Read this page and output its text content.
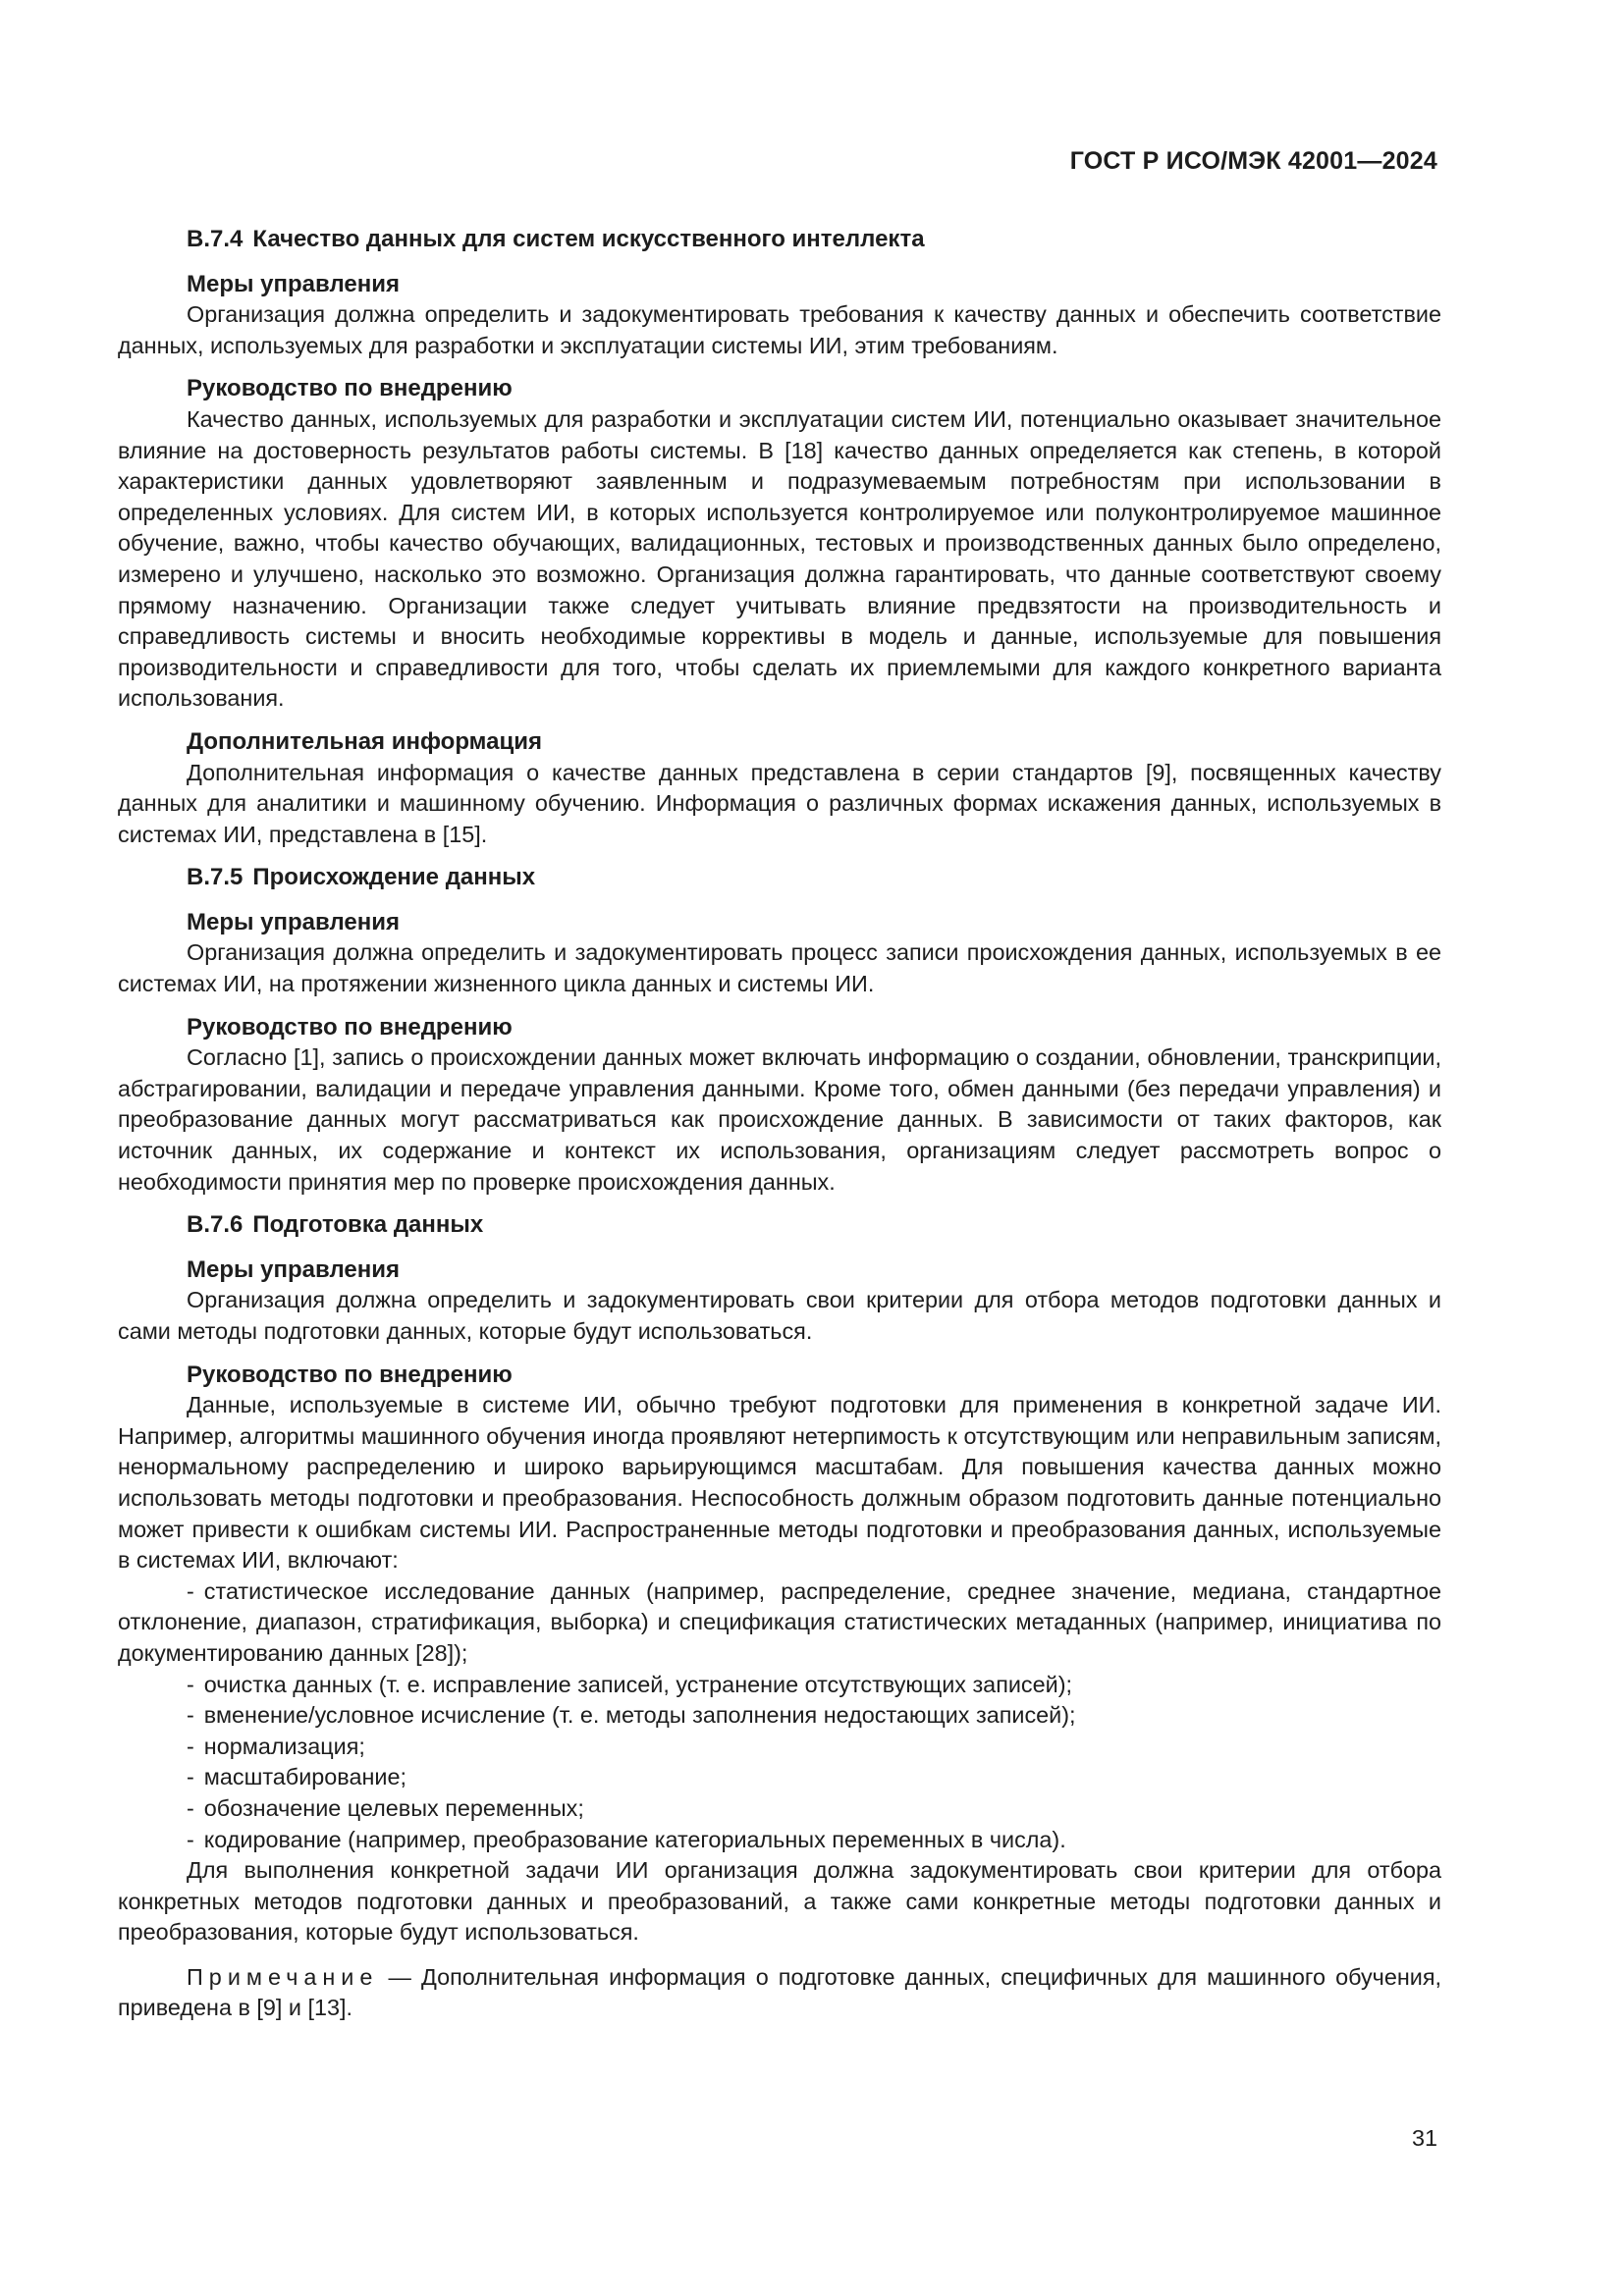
ГОСТ Р ИСО/МЭК 42001—2024
B.7.4 Качество данных для систем искусственного интеллекта
Меры управления

Организация должна определить и задокументировать требования к качеству данных и обеспечить соответствие данных, используемых для разработки и эксплуатации системы ИИ, этим требованиям.

Руководство по внедрению

Качество данных, используемых для разработки и эксплуатации систем ИИ, потенциально оказывает значительное влияние на достоверность результатов работы системы. В [18] качество данных определяется как степень, в которой характеристики данных удовлетворяют заявленным и подразумеваемым потребностям при использовании в определенных условиях. Для систем ИИ, в которых используется контролируемое или полуконтролируемое машинное обучение, важно, чтобы качество обучающих, валидационных, тестовых и производственных данных было определено, измерено и улучшено, насколько это возможно. Организация должна гарантировать, что данные соответствуют своему прямому назначению. Организации также следует учитывать влияние предвзятости на производительность и справедливость системы и вносить необходимые коррективы в модель и данные, используемые для повышения производительности и справедливости для того, чтобы сделать их приемлемыми для каждого конкретного варианта использования.

Дополнительная информация

Дополнительная информация о качестве данных представлена в серии стандартов [9], посвященных качеству данных для аналитики и машинному обучению. Информация о различных формах искажения данных, используемых в системах ИИ, представлена в [15].

B.7.5 Происхождение данных
Меры управления

Организация должна определить и задокументировать процесс записи происхождения данных, используемых в ее системах ИИ, на протяжении жизненного цикла данных и системы ИИ.

Руководство по внедрению

Согласно [1], запись о происхождении данных может включать информацию о создании, обновлении, транскрипции, абстрагировании, валидации и передаче управления данными. Кроме того, обмен данными (без передачи управления) и преобразование данных могут рассматриваться как происхождение данных. В зависимости от таких факторов, как источник данных, их содержание и контекст их использования, организациям следует рассмотреть вопрос о необходимости принятия мер по проверке происхождения данных.

B.7.6 Подготовка данных
Меры управления

Организация должна определить и задокументировать свои критерии для отбора методов подготовки данных и сами методы подготовки данных, которые будут использоваться.

Руководство по внедрению

Данные, используемые в системе ИИ, обычно требуют подготовки для применения в конкретной задаче ИИ. Например, алгоритмы машинного обучения иногда проявляют нетерпимость к отсутствующим или неправильным записям, ненормальному распределению и широко варьирующимся масштабам. Для повышения качества данных можно использовать методы подготовки и преобразования. Неспособность должным образом подготовить данные потенциально может привести к ошибкам системы ИИ. Распространенные методы подготовки и преобразования данных, используемые в системах ИИ, включают:

- статистическое исследование данных (например, распределение, среднее значение, медиана, стандартное отклонение, диапазон, стратификация, выборка) и спецификация статистических метаданных (например, инициатива по документированию данных [28]);
- очистка данных (т. е. исправление записей, устранение отсутствующих записей);
- вменение/условное исчисление (т. е. методы заполнения недостающих записей);
- нормализация;
- масштабирование;
- обозначение целевых переменных;
- кодирование (например, преобразование категориальных переменных в числа).

Для выполнения конкретной задачи ИИ организация должна задокументировать свои критерии для отбора конкретных методов подготовки данных и преобразований, а также сами конкретные методы подготовки данных и преобразования, которые будут использоваться.

Примечание — Дополнительная информация о подготовке данных, специфичных для машинного обучения, приведена в [9] и [13].

31
